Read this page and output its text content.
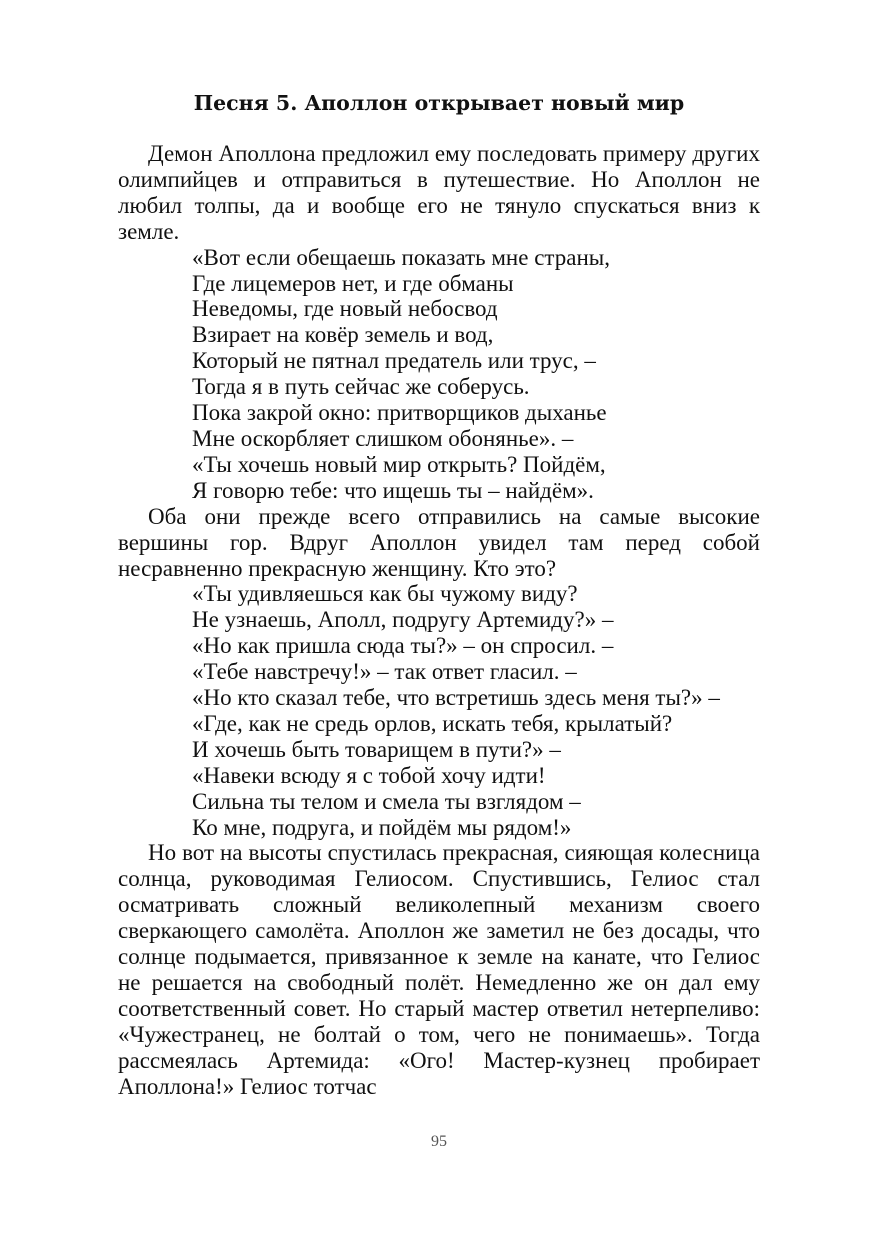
Песня 5. Аполлон открывает новый мир

Демон Аполлона предложил ему последовать примеру других олимпийцев и отправиться в путешествие. Но Аполлон не любил толпы, да и вообще его не тянуло спускаться вниз к земле.

«Вот если обещаешь показать мне страны,
Где лицемеров нет, и где обманы
Неведомы, где новый небосвод
Взирает на ковёр земель и вод,
Который не пятнал предатель или трус, –
Тогда я в путь сейчас же соберусь.
Пока закрой окно: притворщиков дыханье
Мне оскорбляет слишком обонянье». –
«Ты хочешь новый мир открыть? Пойдём,
Я говорю тебе: что ищешь ты – найдём».

Оба они прежде всего отправились на самые высокие вершины гор. Вдруг Аполлон увидел там перед собой несравненно прекрасную женщину. Кто это?

«Ты удивляешься как бы чужому виду?
Не узнаешь, Аполл, подругу Артемиду?» –
«Но как пришла сюда ты?» – он спросил. –
«Тебе навстречу!» – так ответ гласил. –
«Но кто сказал тебе, что встретишь здесь меня ты?» –
«Где, как не средь орлов, искать тебя, крылатый?
И хочешь быть товарищем в пути?» –
«Навеки всюду я с тобой хочу идти!
Сильна ты телом и смела ты взглядом –
Ко мне, подруга, и пойдём мы рядом!»

Но вот на высоты спустилась прекрасная, сияющая колесница солнца, руководимая Гелиосом. Спустившись, Гелиос стал осматривать сложный великолепный механизм своего сверкающего самолёта. Аполлон же заметил не без досады, что солнце подымается, привязанное к земле на канате, что Гелиос не решается на свободный полёт. Немедленно же он дал ему соответственный совет. Но старый мастер ответил нетерпеливо: «Чужестранец, не болтай о том, чего не понимаешь». Тогда рассмеялась Артемида: «Ого! Мастер-кузнец пробирает Аполлона!» Гелиос тотчас

95
